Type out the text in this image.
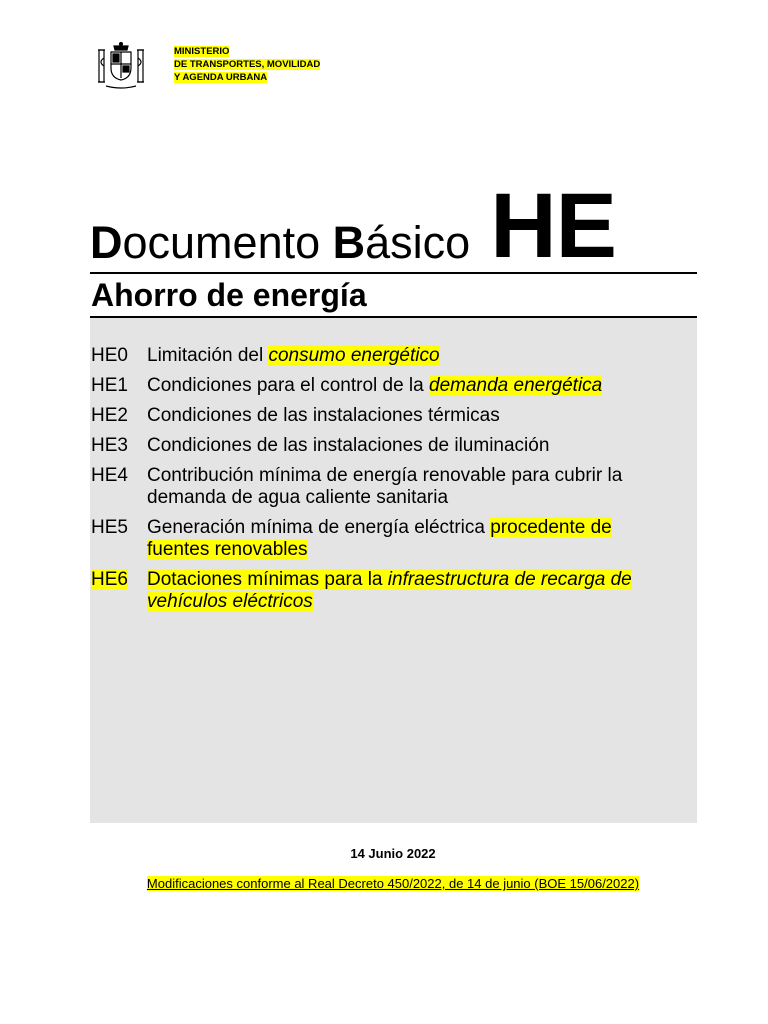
MINISTERIO
DE TRANSPORTES, MOVILIDAD
Y AGENDA URBANA
Documento Básico HE
Ahorro de energía
HE0	Limitación del consumo energético
HE1	Condiciones para el control de la demanda energética
HE2	Condiciones de las instalaciones térmicas
HE3	Condiciones de las instalaciones de iluminación
HE4	Contribución mínima de energía renovable para cubrir la demanda de agua caliente sanitaria
HE5	Generación mínima de energía eléctrica procedente de fuentes renovables
HE6	Dotaciones mínimas para la infraestructura de recarga de vehículos eléctricos
14 Junio 2022
Modificaciones conforme al Real Decreto 450/2022, de 14 de junio (BOE 15/06/2022)
